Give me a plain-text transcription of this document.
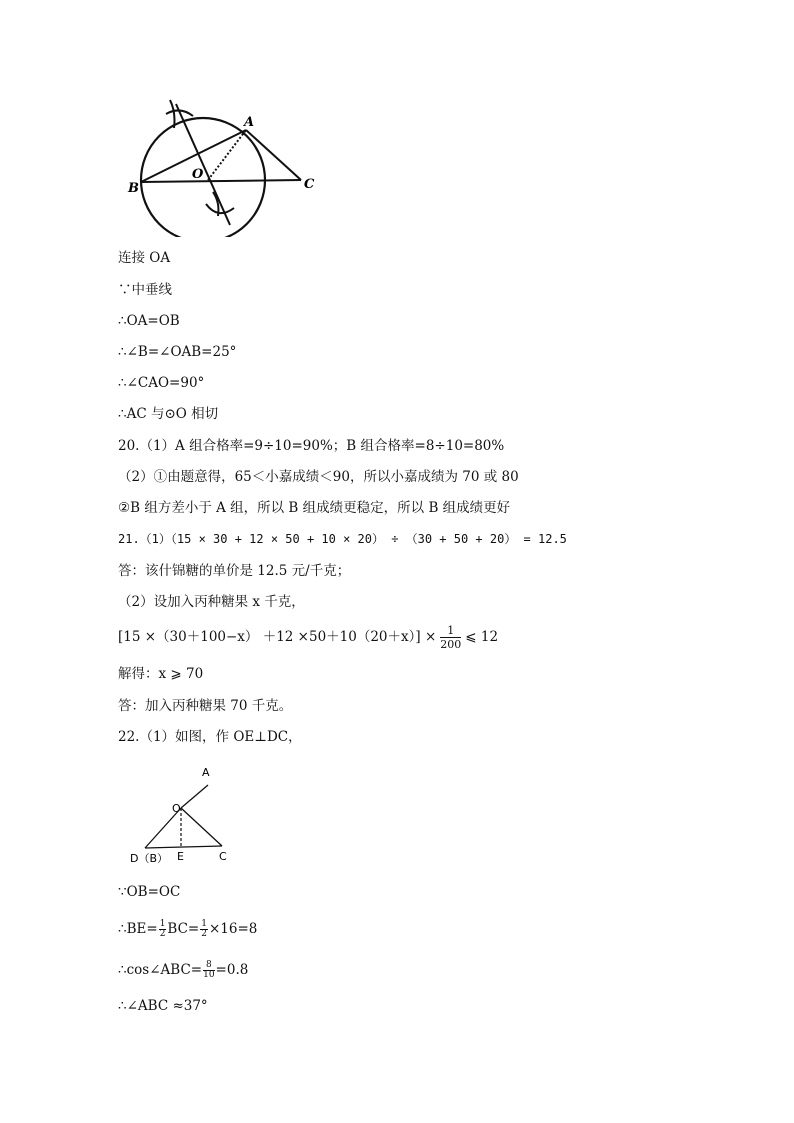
A
B	C
O
连接 OA
∵中垂线
∴OA=OB
∴∠B=∠OAB=25°
∴∠CAO=90°
∴AC 与⊙O 相切
20.（1）A 组合格率=9÷10=90%；B 组合格率=8÷10=80%
（2）①由题意得，65＜小嘉成绩＜90，所以小嘉成绩为 70 或 80
②B 组方差小于 A 组，所以 B 组成绩更稳定，所以 B 组成绩更好
21.（1）（15 × 30 + 12 × 50 + 10 × 20） ÷ （30 + 50 + 20） = 12.5
答：该什锦糖的单价是 12.5 元/千克；
（2）设加入丙种糖果 x 千克，
$[15 \times(30+100-x) +12 \times 50+10(20+x)] \times \frac{1}{200}$ ⩽ 12
解得：x ⩾ 70
答：加入丙种糖果 70 千克。
22.（1）如图，作 OE⊥DC，
A
O
D（B） E	C
∵OB=OC
∴BE= $\frac{1}{2} BC= \frac{1}{2} \times 16=8$
∴cos∠ABC= $\frac{8}{10} =0.8$
∴∠ABC ≈37°
